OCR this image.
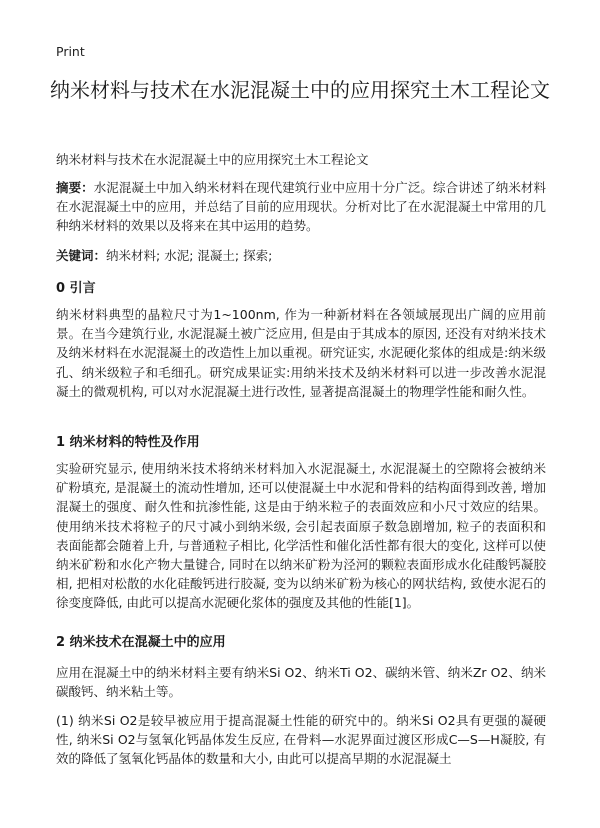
Print
纳米材料与技术在水泥混凝土中的应用探究土木工程论文
纳米材料与技术在水泥混凝土中的应用探究土木工程论文

摘要：水泥混凝土中加入纳米材料在现代建筑行业中应用十分广泛。综合讲述了纳米材料在水泥混凝土中的应用，并总结了目前的应用现状。分析对比了在水泥混凝土中常用的几种纳米材料的效果以及将来在其中运用的趋势。

关键词：纳米材料; 水泥; 混凝土; 探索;

0 引言

纳米材料典型的晶粒尺寸为1~100nm, 作为一种新材料在各领域展现出广阔的应用前景。在当今建筑行业, 水泥混凝土被广泛应用, 但是由于其成本的原因, 还没有对纳米技术及纳米材料在水泥混凝土的改造性上加以重视。研究证实, 水泥硬化浆体的组成是:纳米级孔、纳米级粒子和毛细孔。研究成果证实:用纳米技术及纳米材料可以进一步改善水泥混凝土的微观机构, 可以对水泥混凝土进行改性, 显著提高混凝土的物理学性能和耐久性。

1 纳米材料的特性及作用

实验研究显示, 使用纳米技术将纳米材料加入水泥混凝土, 水泥混凝土的空隙将会被纳米矿粉填充, 是混凝土的流动性增加, 还可以使混凝土中水泥和骨料的结构面得到改善, 增加混凝土的强度、耐久性和抗渗性能, 这是由于纳米粒子的表面效应和小尺寸效应的结果。使用纳米技术将粒子的尺寸减小到纳米级, 会引起表面原子数急剧增加, 粒子的表面积和表面能都会随着上升, 与普通粒子相比, 化学活性和催化活性都有很大的变化, 这样可以使纳米矿粉和水化产物大量键合, 同时在以纳米矿粉为泾河的颗粒表面形成水化硅酸钙凝胶相, 把相对松散的水化硅酸钙进行胶凝, 变为以纳米矿粉为核心的网状结构, 致使水泥石的徐变度降低, 由此可以提高水泥硬化浆体的强度及其他的性能[1]。

2 纳米技术在混凝土中的应用

应用在混凝土中的纳米材料主要有纳米Si O2、纳米Ti O2、碳纳米管、纳米Zr O2、纳米碳酸钙、纳米粘土等。

(1) 纳米Si O2是较早被应用于提高混凝土性能的研究中的。纳米Si O2具有更强的凝硬性, 纳米Si O2与氢氧化钙晶体发生反应, 在骨料—水泥界面过渡区形成C—S—H凝胶, 有效的降低了氢氧化钙晶体的数量和大小, 由此可以提高早期的水泥混凝土
